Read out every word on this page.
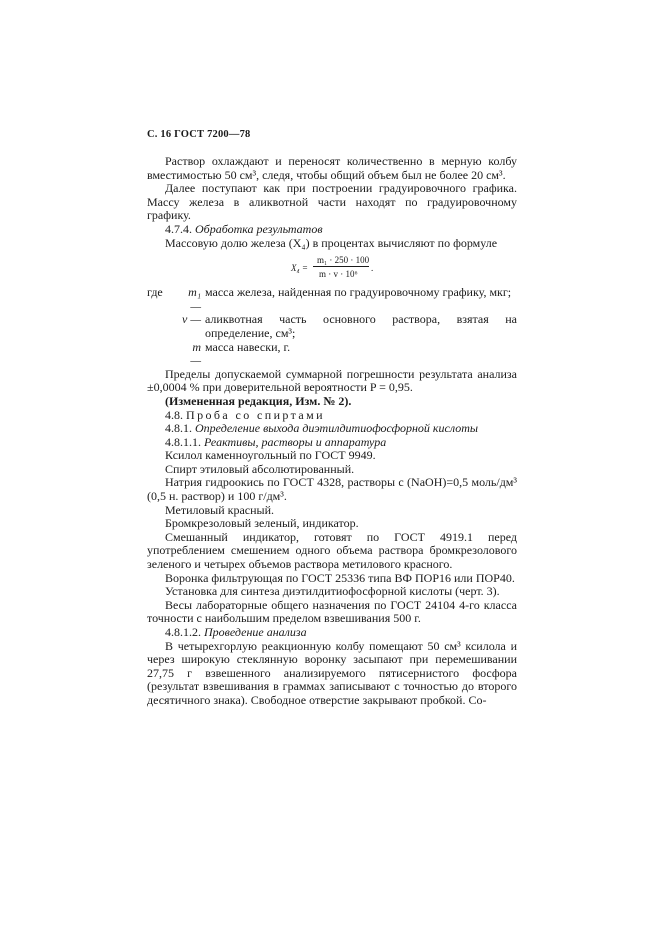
С. 16 ГОСТ 7200—78

Раствор охлаждают и переносят количественно в мерную колбу вместимостью 50 см³, следя, чтобы общий объем был не более 20 см³.

Далее поступают как при построении градуировочного графика. Массу железа в аликвотной части находят по градуировочному графику.

4.7.4. Обработка результатов

Массовую долю железа (X₄) в процентах вычисляют по формуле

X₄ =
m₁ · 250 · 100
m · v · 10⁶
.
где	m₁ —
масса железа, найденная по градуировочному графику, мкг;
v — аликвотная часть основного раствора, взятая на определение, см³;
m —
масса навески, г.

Пределы допускаемой суммарной погрешности результата анализа ±0,0004 % при доверительной вероятности P = 0,95.

(Измененная редакция, Изм. № 2).

4.8. Проба со спиртами

4.8.1. Определение выхода диэтилдитиофосфорной кислоты

4.8.1.1. Реактивы, растворы и аппаратура

Ксилол каменноугольный по ГОСТ 9949.

Спирт этиловый абсолютированный.

Натрия гидроокись по ГОСТ 4328, растворы c (NaOH)=0,5 моль/дм³ (0,5 н. раствор) и 100 г/дм³.

Метиловый красный.

Бромкрезоловый зеленый, индикатор.

Смешанный индикатор, готовят по ГОСТ 4919.1 перед употреблением смешением одного объема раствора бромкрезолового зеленого и четырех объемов раствора метилового красного.

Воронка фильтрующая по ГОСТ 25336 типа ВФ ПОР16 или ПОР40.

Установка для синтеза диэтилдитиофосфорной кислоты (черт. 3).

Весы лабораторные общего назначения по ГОСТ 24104 4-го класса точности с наибольшим пределом взвешивания 500 г.

4.8.1.2. Проведение анализа

В четырехгорлую реакционную колбу помещают 50 см³ ксилола и через широкую стеклянную воронку засыпают при перемешивании 27,75 г взвешенного анализируемого пятисернистого фосфора (результат взвешивания в граммах записывают с точностью до второго десятичного знака). Свободное отверстие закрывают пробкой. Со-
